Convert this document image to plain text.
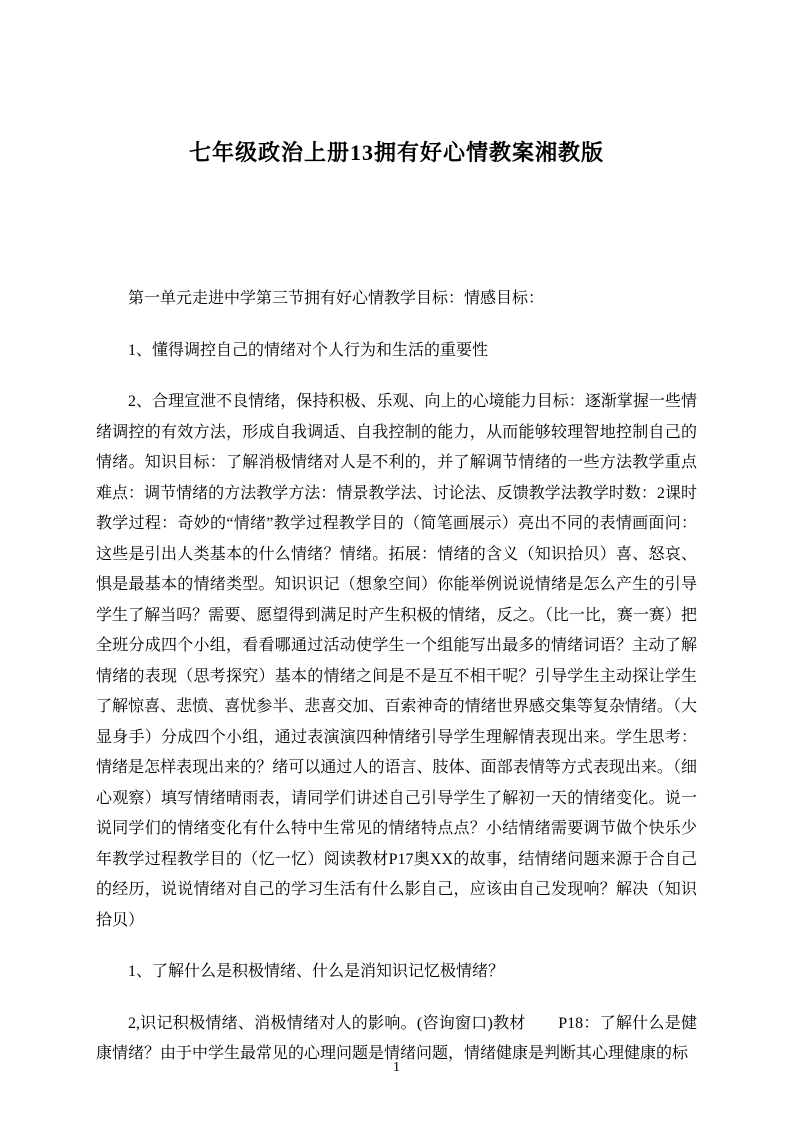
七年级政治上册13拥有好心情教案湘教版

第一单元走进中学第三节拥有好心情教学目标：情感目标：

1、懂得调控自己的情绪对个人行为和生活的重要性

2、合理宣泄不良情绪，保持积极、乐观、向上的心境能力目标：逐渐掌握一些情绪调控的有效方法，形成自我调适、自我控制的能力，从而能够较理智地控制自己的情绪。知识目标：了解消极情绪对人是不利的，并了解调节情绪的一些方法教学重点难点：调节情绪的方法教学方法：情景教学法、讨论法、反馈教学法教学时数：2课时教学过程：奇妙的“情绪”教学过程教学目的（简笔画展示）亮出不同的表情画面问：这些是引出人类基本的什么情绪？情绪。拓展：情绪的含义（知识拾贝）喜、怒哀、惧是最基本的情绪类型。知识识记（想象空间）你能举例说说情绪是怎么产生的引导学生了解当吗？需要、愿望得到满足时产生积极的情绪，反之。（比一比，赛一赛）把全班分成四个小组，看看哪通过活动使学生一个组能写出最多的情绪词语？主动了解情绪的表现（思考探究）基本的情绪之间是不是互不相干呢？引导学生主动探让学生了解惊喜、悲愤、喜忧参半、悲喜交加、百索神奇的情绪世界感交集等复杂情绪。（大显身手）分成四个小组，通过表演演四种情绪引导学生理解情表现出来。学生思考：情绪是怎样表现出来的？绪可以通过人的语言、肢体、面部表情等方式表现出来。（细心观察）填写情绪晴雨表，请同学们讲述自己引导学生了解初一天的情绪变化。说一说同学们的情绪变化有什么特中生常见的情绪特点点？小结情绪需要调节做个快乐少年教学过程教学目的（忆一忆）阅读教材P17奥XX的故事，结情绪问题来源于合自己的经历，说说情绪对自己的学习生活有什么影自己，应该由自己发现响？解决（知识拾贝）

1、了解什么是积极情绪、什么是消知识记忆极情绪？

2,识记积极情绪、消极情绪对人的影响。(咨询窗口)教材　　P18：了解什么是健康情绪？由于中学生最常见的心理问题是情绪问题，情绪健康是判断其心理健康的标

1
